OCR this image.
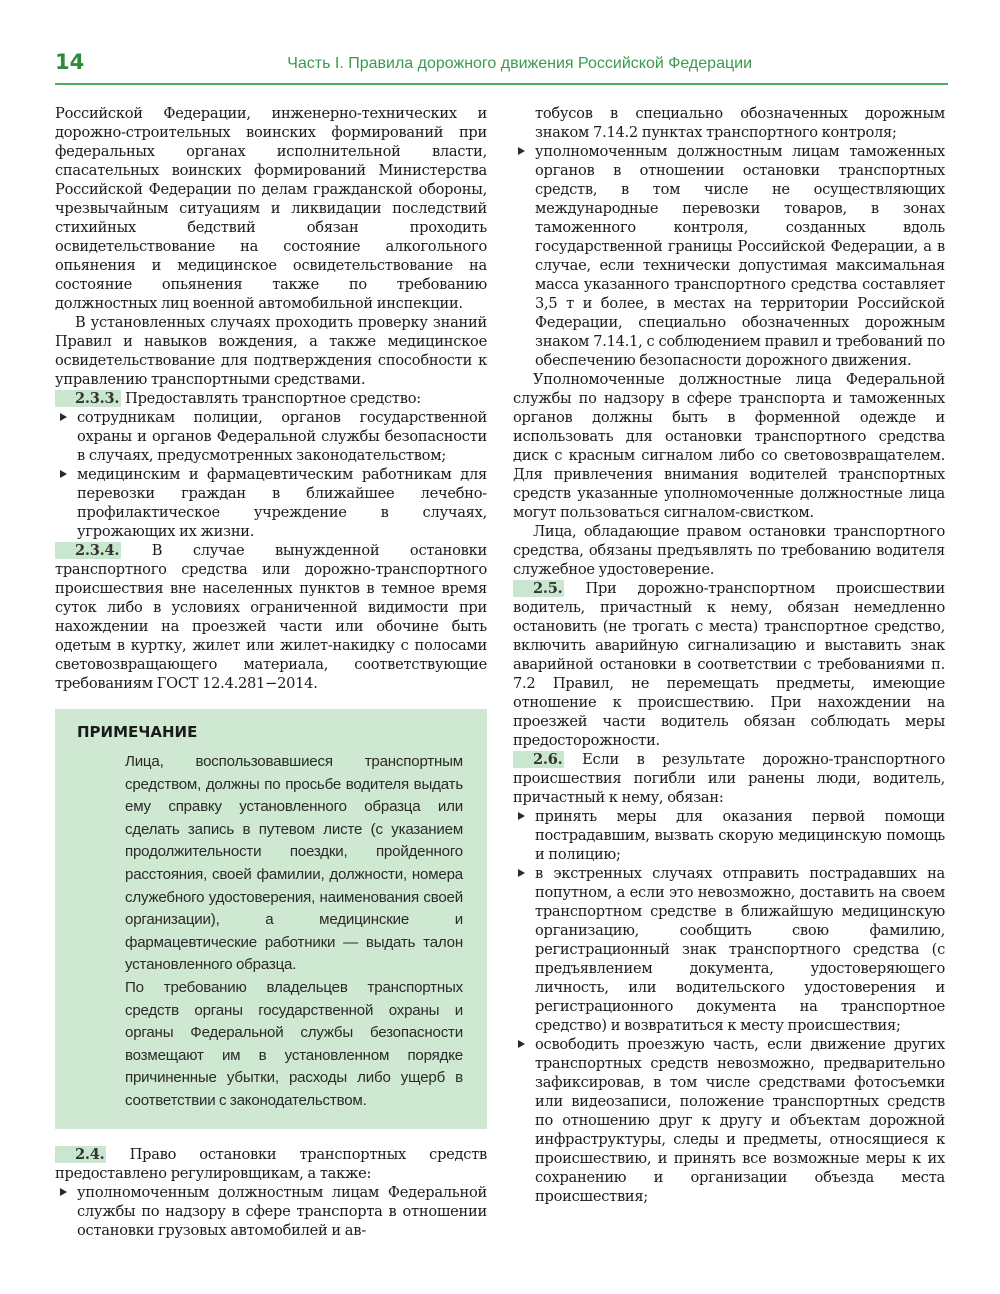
14	Часть I. Правила дорожного движения Российской Федерации

Российской Федерации, инженерно-технических и дорожно-строительных воинских формирований при федеральных органах исполнительной власти, спасательных воинских формирований Министерства Российской Федерации по делам гражданской обороны, чрезвычайным ситуациям и ликвидации последствий стихийных бедствий обязан проходить освидетельствование на состояние алкогольного опьянения и медицинское освидетельствование на состояние опьянения также по требованию должностных лиц военной автомобильной инспекции.

В установленных случаях проходить проверку знаний Правил и навыков вождения, а также медицинское освидетельствование для подтверждения способности к управлению транспортными средствами.

2.3.3. Предоставлять транспортное средство:

сотрудникам полиции, органов государственной охраны и органов Федеральной службы безопасности в случаях, предусмотренных законодательством;
медицинским и фармацевтическим работникам для перевозки граждан в ближайшее лечебно-профилактическое учреждение в случаях, угрожающих их жизни.

2.3.4. В случае вынужденной остановки транспортного средства или дорожно-транспортного происшествия вне населенных пунктов в темное время суток либо в условиях ограниченной видимости при нахождении на проезжей части или обочине быть одетым в куртку, жилет или жилет-накидку с полосами световозвращающего материала, соответствующие требованиям ГОСТ 12.4.281−2014.

ПРИМЕЧАНИЕ

Лица, воспользовавшиеся транспортным средством, должны по просьбе водителя выдать ему справку установленного образца или сделать запись в путевом листе (с указанием продолжительности поездки, пройденного расстояния, своей фамилии, должности, номера служебного удостоверения, наименования своей организации), а медицинские и фармацевтические работники — выдать талон установленного образца.

По требованию владельцев транспортных средств органы государственной охраны и органы Федеральной службы безопасности возмещают им в установленном порядке причиненные убытки, расходы либо ущерб в соответствии с законодательством.

2.4. Право остановки транспортных средств предоставлено регулировщикам, а также:

уполномоченным должностным лицам Федеральной службы по надзору в сфере транспорта в отношении остановки грузовых автомобилей и ав-
тобусов в специально обозначенных дорожным знаком 7.14.2 пунктах транспортного контроля;
уполномоченным должностным лицам таможенных органов в отношении остановки транспортных средств, в том числе не осуществляющих международные перевозки товаров, в зонах таможенного контроля, созданных вдоль государственной границы Российской Федерации, а в случае, если технически допустимая максимальная масса указанного транспортного средства составляет 3,5 т и более, в местах на территории Российской Федерации, специально обозначенных дорожным знаком 7.14.1, с соблюдением правил и требований по обеспечению безопасности дорожного движения.

Уполномоченные должностные лица Федеральной службы по надзору в сфере транспорта и таможенных органов должны быть в форменной одежде и использовать для остановки транспортного средства диск с красным сигналом либо со световозвращателем. Для привлечения внимания водителей транспортных средств указанные уполномоченные должностные лица могут пользоваться сигналом-свистком.

Лица, обладающие правом остановки транспортного средства, обязаны предъявлять по требованию водителя служебное удостоверение.

2.5. При дорожно-транспортном происшествии водитель, причастный к нему, обязан немедленно остановить (не трогать с места) транспортное средство, включить аварийную сигнализацию и выставить знак аварийной остановки в соответствии с требованиями п. 7.2 Правил, не перемещать предметы, имеющие отношение к происшествию. При нахождении на проезжей части водитель обязан соблюдать меры предосторожности.

2.6. Если в результате дорожно-транспортного происшествия погибли или ранены люди, водитель, причастный к нему, обязан:

принять меры для оказания первой помощи пострадавшим, вызвать скорую медицинскую помощь и полицию;
в экстренных случаях отправить пострадавших на попутном, а если это невозможно, доставить на своем транспортном средстве в ближайшую медицинскую организацию, сообщить свою фамилию, регистрационный знак транспортного средства (с предъявлением документа, удостоверяющего личность, или водительского удостоверения и регистрационного документа на транспортное средство) и возвратиться к месту происшествия;
освободить проезжую часть, если движение других транспортных средств невозможно, предварительно зафиксировав, в том числе средствами фотосъемки или видеозаписи, положение транспортных средств по отношению друг к другу и объектам дорожной инфраструктуры, следы и предметы, относящиеся к происшествию, и принять все возможные меры к их сохранению и организации объезда места происшествия;
